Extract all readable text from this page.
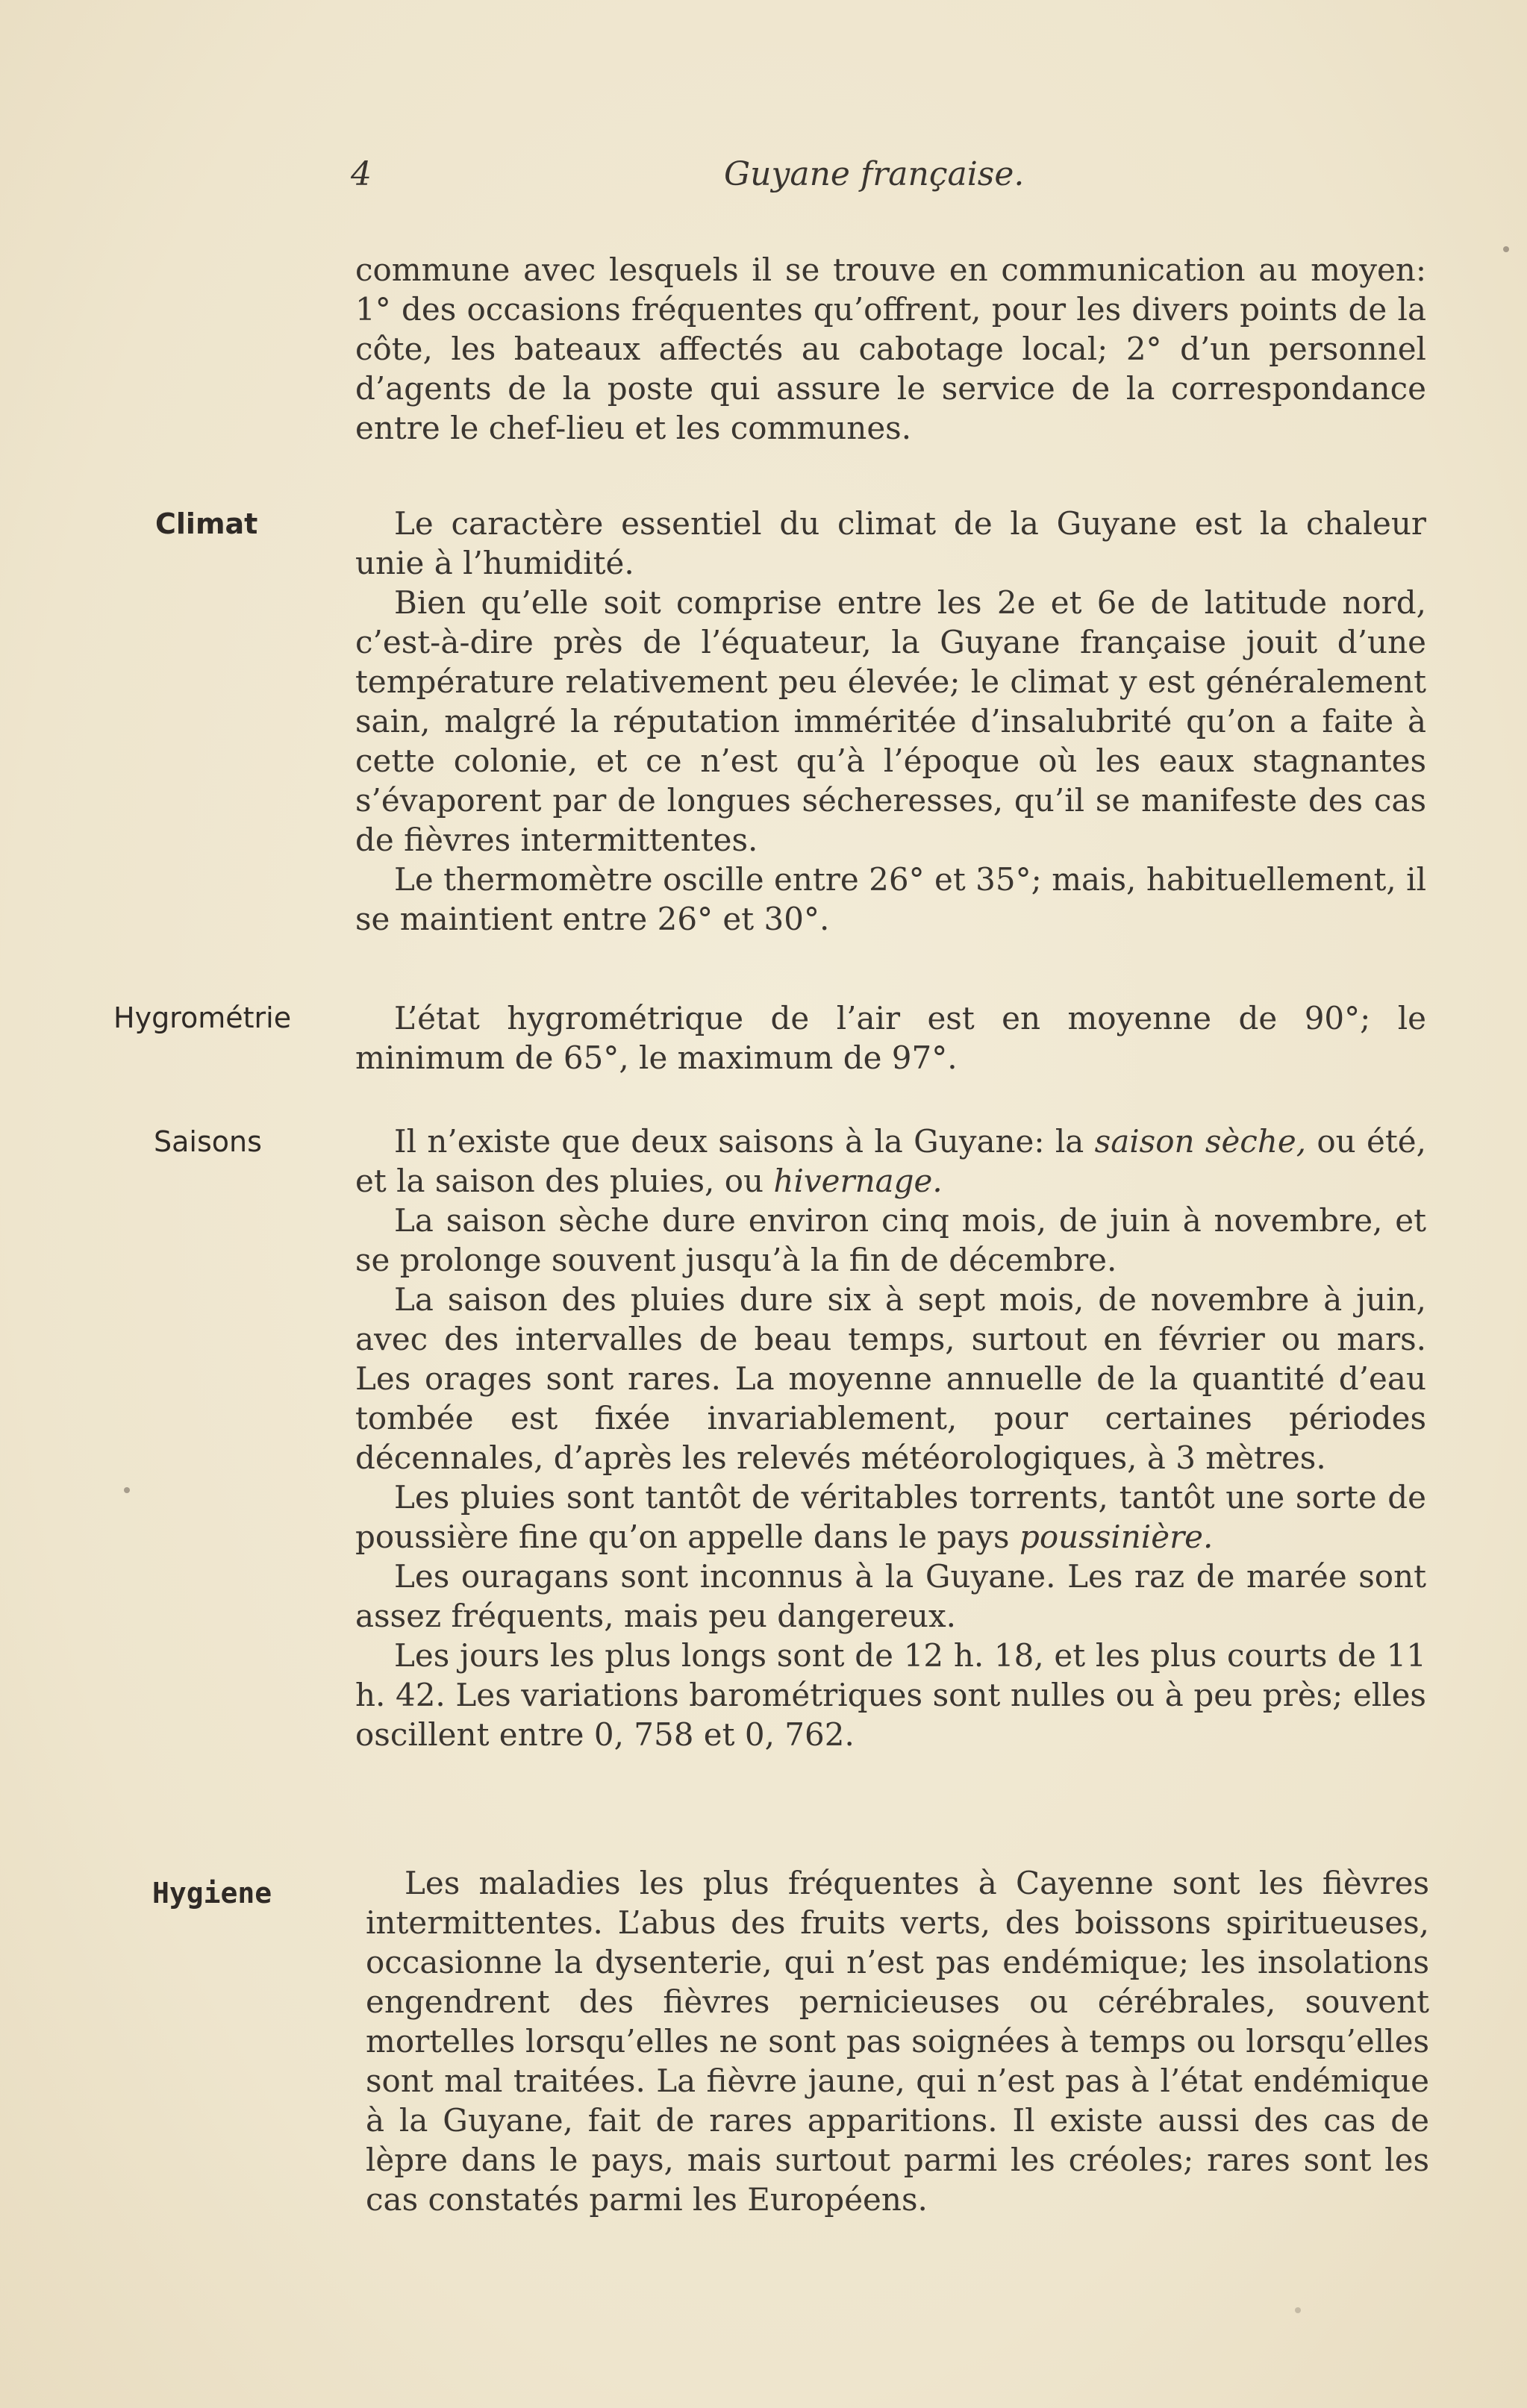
4	Guyane française.

commune avec lesquels il se trouve en communication au moyen: 1° des occasions fréquentes qu’offrent, pour les divers points de la côte, les bateaux affectés au cabotage local; 2° d’un personnel d’agents de la poste qui assure le service de la correspondance entre le chef-lieu et les communes.

Climat	Le caractère essentiel du climat de la Guyane est la chaleur unie à l’humidité.

Bien qu’elle soit comprise entre les 2e et 6e de latitude nord, c’est-à-dire près de l’équateur, la Guyane française jouit d’une température relativement peu élevée; le climat y est généralement sain, malgré la réputation imméritée d’insalubrité qu’on a faite à cette colonie, et ce n’est qu’à l’époque où les eaux stagnantes s’évaporent par de longues sécheresses, qu’il se manifeste des cas de fièvres intermittentes.

Le thermomètre oscille entre 26° et 35°; mais, habituellement, il se maintient entre 26° et 30°.

Hygrométrie	L’état hygrométrique de l’air est en moyenne de 90°; le minimum de 65°, le maximum de 97°.

Saisons	Il n’existe que deux saisons à la Guyane: la saison sèche, ou été, et la saison des pluies, ou hivernage.

La saison sèche dure environ cinq mois, de juin à novembre, et se prolonge souvent jusqu’à la fin de décembre.

La saison des pluies dure six à sept mois, de novembre à juin, avec des intervalles de beau temps, surtout en février ou mars. Les orages sont rares. La moyenne annuelle de la quantité d’eau tombée est fixée invariablement, pour certaines périodes décennales, d’après les relevés météorologiques, à 3 mètres.

Les pluies sont tantôt de véritables torrents, tantôt une sorte de poussière fine qu’on appelle dans le pays poussinière.

Les ouragans sont inconnus à la Guyane. Les raz de marée sont assez fréquents, mais peu dangereux.

Les jours les plus longs sont de 12 h. 18, et les plus courts de 11 h. 42. Les variations barométriques sont nulles ou à peu près; elles oscillent entre 0, 758 et 0, 762.

Hygiene	Les maladies les plus fréquentes à Cayenne sont les fièvres intermittentes. L’abus des fruits verts, des boissons spiritueuses, occasionne la dysenterie, qui n’est pas endémique; les insolations engendrent des fièvres pernicieuses ou cérébrales, souvent mortelles lorsqu’elles ne sont pas soignées à temps ou lorsqu’elles sont mal traitées. La fièvre jaune, qui n’est pas à l’état endémique à la Guyane, fait de rares apparitions. Il existe aussi des cas de lèpre dans le pays, mais surtout parmi les créoles; rares sont les cas constatés parmi les Européens.
